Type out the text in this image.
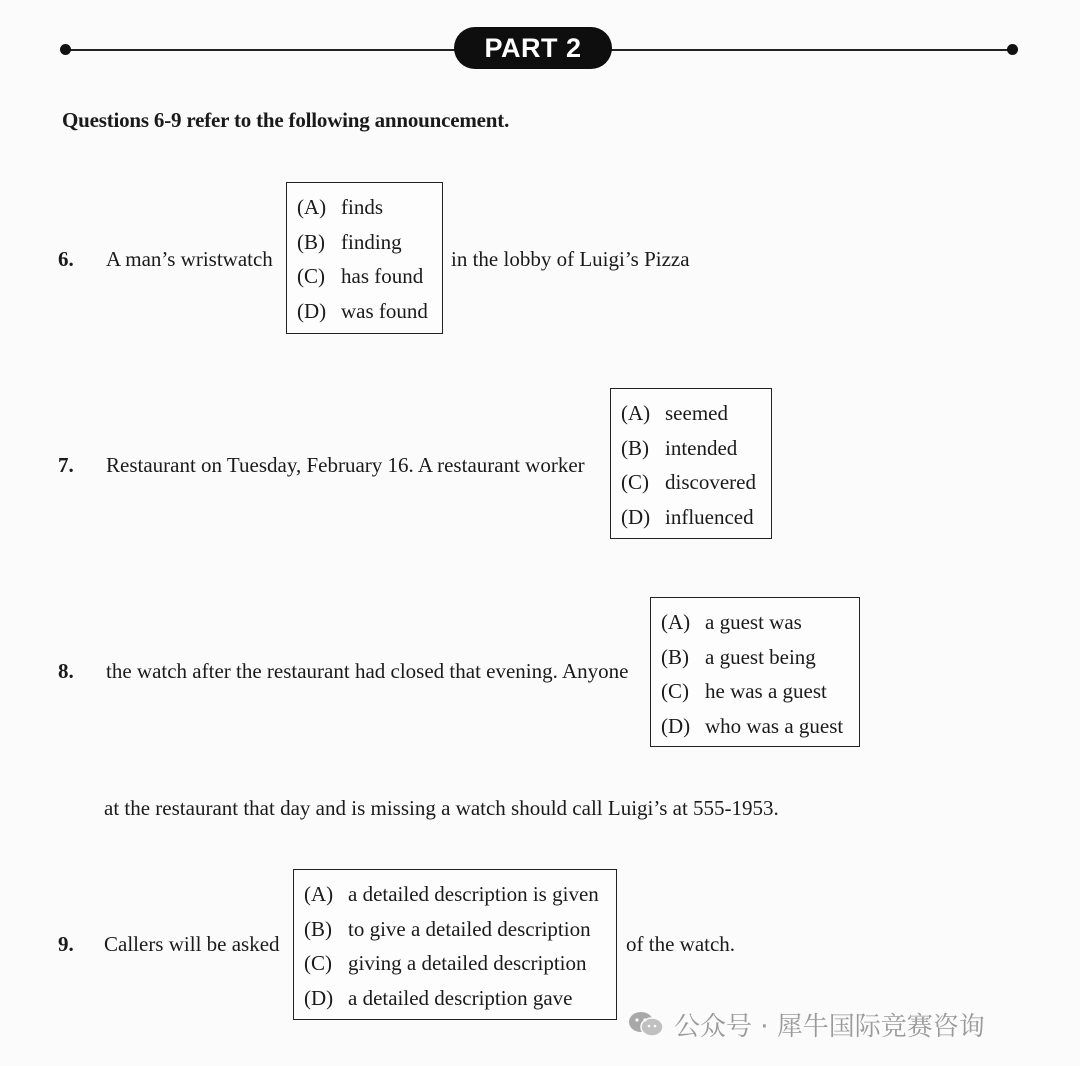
PART 2
Questions 6-9 refer to the following announcement.
6. A man’s wristwatch
(A) finds
(B) finding
(C) has found
(D) was found
in the lobby of Luigi’s Pizza
7. Restaurant on Tuesday, February 16. A restaurant worker
(A) seemed
(B) intended
(C) discovered
(D) influenced
8. the watch after the restaurant had closed that evening. Anyone
(A) a guest was
(B) a guest being
(C) he was a guest
(D) who was a guest
at the restaurant that day and is missing a watch should call Luigi’s at 555-1953.
9. Callers will be asked
(A) a detailed description is given
(B) to give a detailed description
(C) giving a detailed description
(D) a detailed description gave
of the watch.
公众号 · 犀牛国际竞赛咨询
